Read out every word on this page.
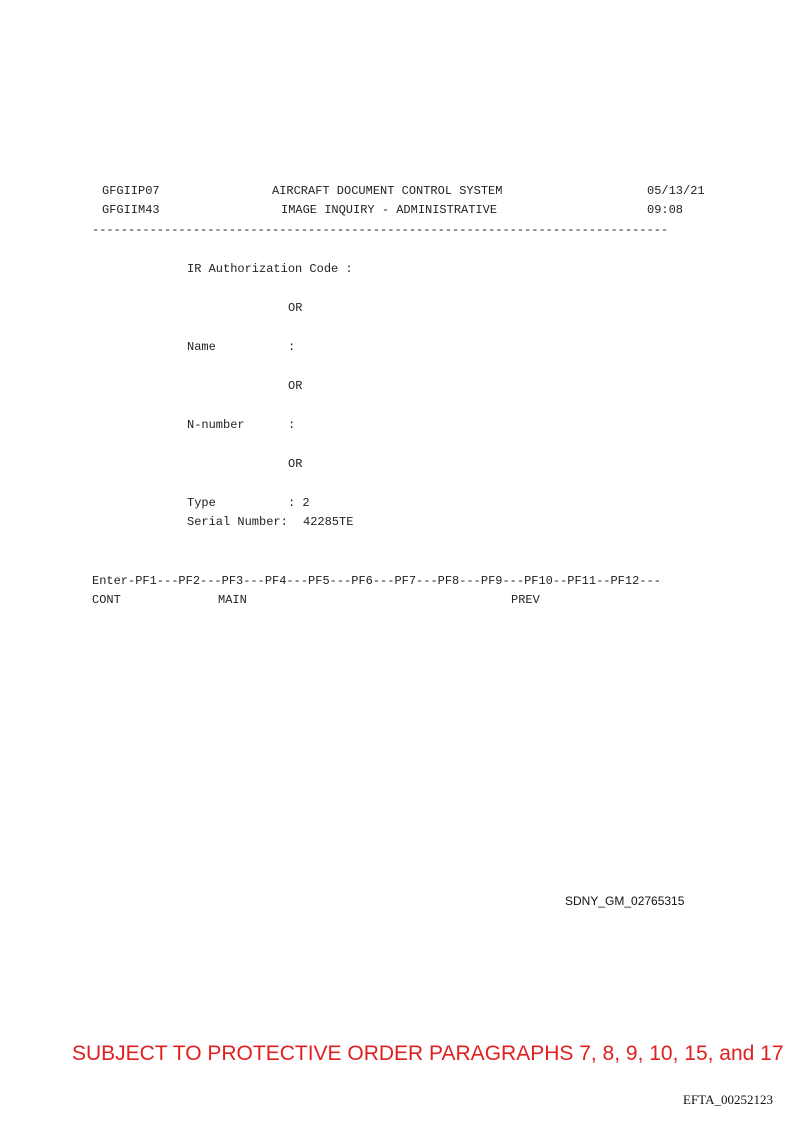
GFGIIP07	AIRCRAFT DOCUMENT CONTROL SYSTEM	05/13/21
GFGIIM43	IMAGE INQUIRY - ADMINISTRATIVE	09:08
--------------------------------------------------------------------------------
IR Authorization Code :
OR
Name	:
OR
N-number	:
OR
Type	: 2
Serial Number: 42285TE
Enter-PF1---PF2---PF3---PF4---PF5---PF6---PF7---PF8---PF9---PF10--PF11--PF12---
CONT	MAIN	PREV
SDNY_GM_02765315
SUBJECT TO PROTECTIVE ORDER PARAGRAPHS 7, 8, 9, 10, 15, and 17
EFTA_00252123
